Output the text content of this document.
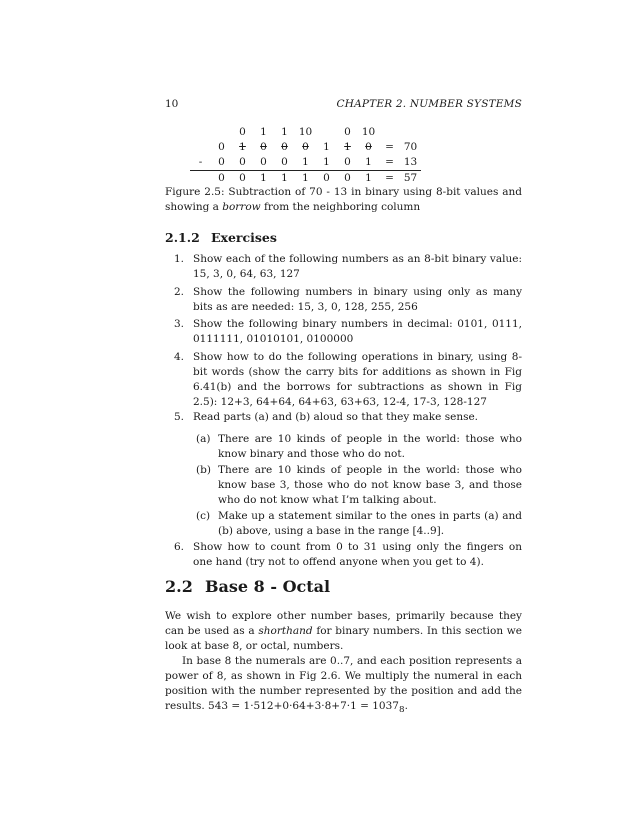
10	CHAPTER 2. NUMBER SYSTEMS
		0	1	1	10		0	10		
	0	1	0	0	0	1	1	0	=	70
-	0	0	0	0	1	1	0	1	=	13
	0	0	1	1	1	0	0	1	=	57
Figure 2.5: Subtraction of 70 - 13 in binary using 8-bit values and showing a borrow from the neighboring column
2.1.2 Exercises
1. Show each of the following numbers as an 8-bit binary value: 15, 3, 0, 64, 63, 127
2. Show the following numbers in binary using only as many bits as are needed: 15, 3, 0, 128, 255, 256
3. Show the following binary numbers in decimal: 0101, 0111, 0111111, 01010101, 0100000
4. Show how to do the following operations in binary, using 8-bit words (show the carry bits for additions as shown in Fig 6.41(b) and the borrows for subtractions as shown in Fig 2.5): 12+3, 64+64, 64+63, 63+63, 12-4, 17-3, 128-127
5. Read parts (a) and (b) aloud so that they make sense.
(a) There are 10 kinds of people in the world: those who know binary and those who do not.
(b) There are 10 kinds of people in the world: those who know base 3, those who do not know base 3, and those who do not know what I’m talking about.
(c) Make up a statement similar to the ones in parts (a) and (b) above, using a base in the range [4..9].
6. Show how to count from 0 to 31 using only the fingers on one hand (try not to offend anyone when you get to 4).
2.2 Base 8 - Octal
We wish to explore other number bases, primarily because they can be used as a shorthand for binary numbers. In this section we look at base 8, or octal, numbers.
In base 8 the numerals are 0..7, and each position represents a power of 8, as shown in Fig 2.6. We multiply the numeral in each position with the number represented by the position and add the results. $543 = 1\cdot 512+0\cdot 64+3\cdot 8+7\cdot 1 = 1037_8$.
